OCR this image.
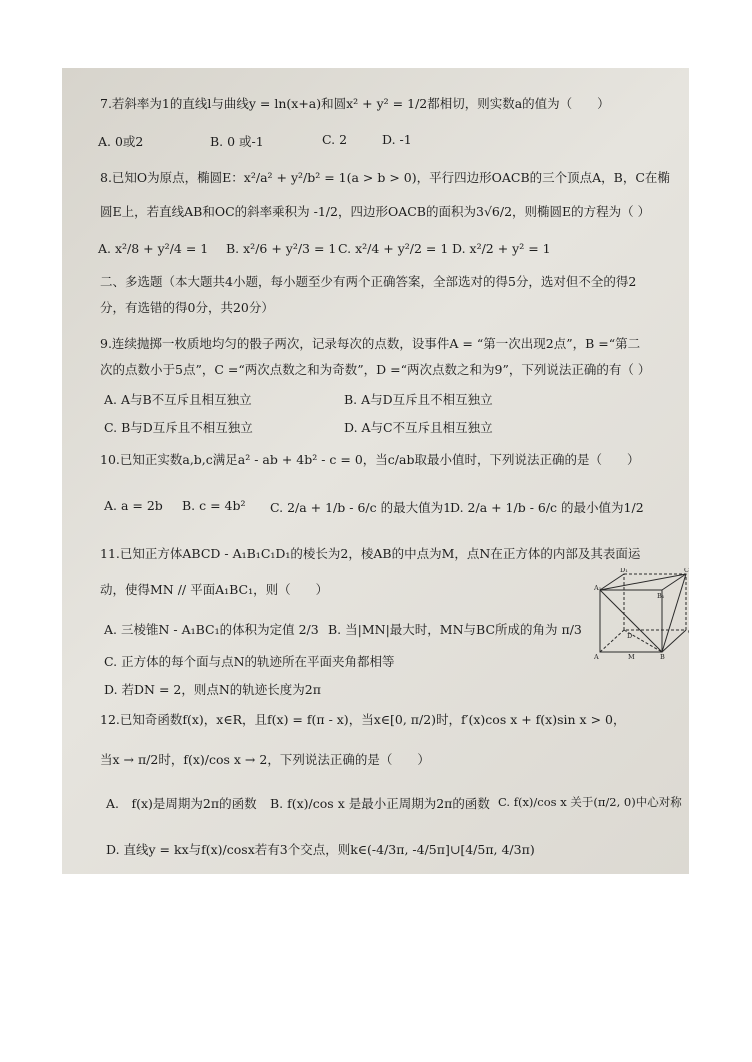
7.若斜率为1的直线l与曲线y = ln(x+a)和圆x² + y² = 1/2都相切，则实数a的值为（　　）
A. 0或2	B. 0 或-1	C. 2	D. -1
8.已知O为原点，椭圆E：x²/a² + y²/b² = 1(a > b > 0)，平行四边形OACB的三个顶点A，B，C在椭
圆E上，若直线AB和OC的斜率乘积为 -1/2，四边形OACB的面积为3√6/2，则椭圆E的方程为（ ）
A. x²/8 + y²/4 = 1 B. x²/6 + y²/3 = 1 C. x²/4 + y²/2 = 1 D. x²/2 + y² = 1
二、多选题（本大题共4小题，每小题至少有两个正确答案，全部选对的得5分，选对但不全的得2
分，有选错的得0分，共20分）
9.连续抛掷一枚质地均匀的骰子两次，记录每次的点数，设事件A = “第一次出现2点”，B =“第二
次的点数小于5点”，C =“两次点数之和为奇数”，D =“两次点数之和为9”，下列说法正确的有（ ）
A. A与B不互斥且相互独立	B. A与D互斥且不相互独立
C. B与D互斥且不相互独立	D. A与C不互斥且相互独立
10.已知正实数a,b,c满足a² - ab + 4b² - c = 0，当c/ab取最小值时，下列说法正确的是（　　）
A. a = 2b B. c = 4b² C. 2/a + 1/b - 6/c 的最大值为1
D. 2/a + 1/b - 6/c 的最小值为1/2
11.已知正方体ABCD - A₁B₁C₁D₁的棱长为2，棱AB的中点为M，点N在正方体的内部及其表面运
动，使得MN // 平面A₁BC₁，则（　　）
A. 三棱锥N - A₁BC₁的体积为定值 2/3 B. 当|MN|最大时，MN与BC所成的角为 π/3
C. 正方体的每个面与点N的轨迹所在平面夹角都相等
D. 若DN = 2，则点N的轨迹长度为2π
D₁	C₁
A₁
B₁
D	C
A	M	B
12.已知奇函数f(x)，x∈R，且f(x) = f(π - x)，当x∈[0, π/2)时，f′(x)cos x + f(x)sin x > 0，
当x → π/2时，f(x)/cos x → 2，下列说法正确的是（　　）
A.　f(x)是周期为2π的函数 B. f(x)/cos x 是最小正周期为2π的函数 C. f(x)/cos x 关于(π/2, 0)中心对称
D. 直线y = kx与f(x)/cosx若有3个交点，则k∈(-4/3π, -4/5π]∪[4/5π, 4/3π)
